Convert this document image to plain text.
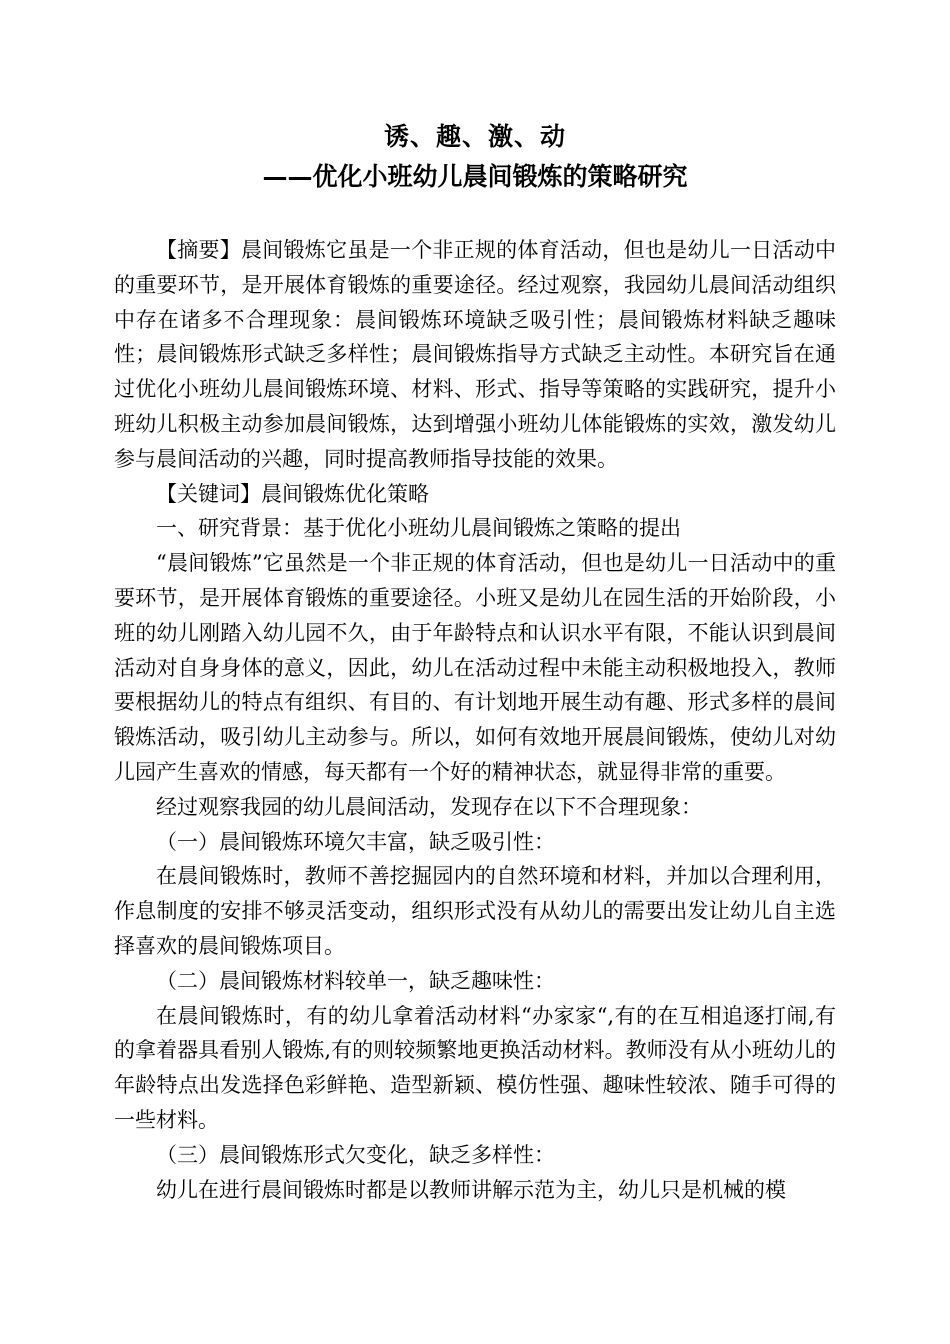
诱、趣、激、动
——优化小班幼儿晨间锻炼的策略研究

【摘要】晨间锻炼它虽是一个非正规的体育活动，但也是幼儿一日活动中的重要环节，是开展体育锻炼的重要途径。经过观察，我园幼儿晨间活动组织中存在诸多不合理现象：晨间锻炼环境缺乏吸引性；晨间锻炼材料缺乏趣味性；晨间锻炼形式缺乏多样性；晨间锻炼指导方式缺乏主动性。本研究旨在通过优化小班幼儿晨间锻炼环境、材料、形式、指导等策略的实践研究，提升小班幼儿积极主动参加晨间锻炼，达到增强小班幼儿体能锻炼的实效，激发幼儿参与晨间活动的兴趣，同时提高教师指导技能的效果。

【关键词】晨间锻炼优化策略

一、研究背景：基于优化小班幼儿晨间锻炼之策略的提出

“晨间锻炼”它虽然是一个非正规的体育活动，但也是幼儿一日活动中的重要环节，是开展体育锻炼的重要途径。小班又是幼儿在园生活的开始阶段，小班的幼儿刚踏入幼儿园不久，由于年龄特点和认识水平有限，不能认识到晨间活动对自身身体的意义，因此，幼儿在活动过程中未能主动积极地投入，教师要根据幼儿的特点有组织、有目的、有计划地开展生动有趣、形式多样的晨间锻炼活动，吸引幼儿主动参与。所以，如何有效地开展晨间锻炼，使幼儿对幼儿园产生喜欢的情感，每天都有一个好的精神状态，就显得非常的重要。

经过观察我园的幼儿晨间活动，发现存在以下不合理现象：

（一）晨间锻炼环境欠丰富，缺乏吸引性：

在晨间锻炼时，教师不善挖掘园内的自然环境和材料，并加以合理利用，作息制度的安排不够灵活变动，组织形式没有从幼儿的需要出发让幼儿自主选择喜欢的晨间锻炼项目。

（二）晨间锻炼材料较单一，缺乏趣味性：

在晨间锻炼时，有的幼儿拿着活动材料“办家家“,有的在互相追逐打闹,有的拿着器具看别人锻炼,有的则较频繁地更换活动材料。教师没有从小班幼儿的年龄特点出发选择色彩鲜艳、造型新颖、模仿性强、趣味性较浓、随手可得的一些材料。

（三）晨间锻炼形式欠变化，缺乏多样性：

幼儿在进行晨间锻炼时都是以教师讲解示范为主，幼儿只是机械的模
